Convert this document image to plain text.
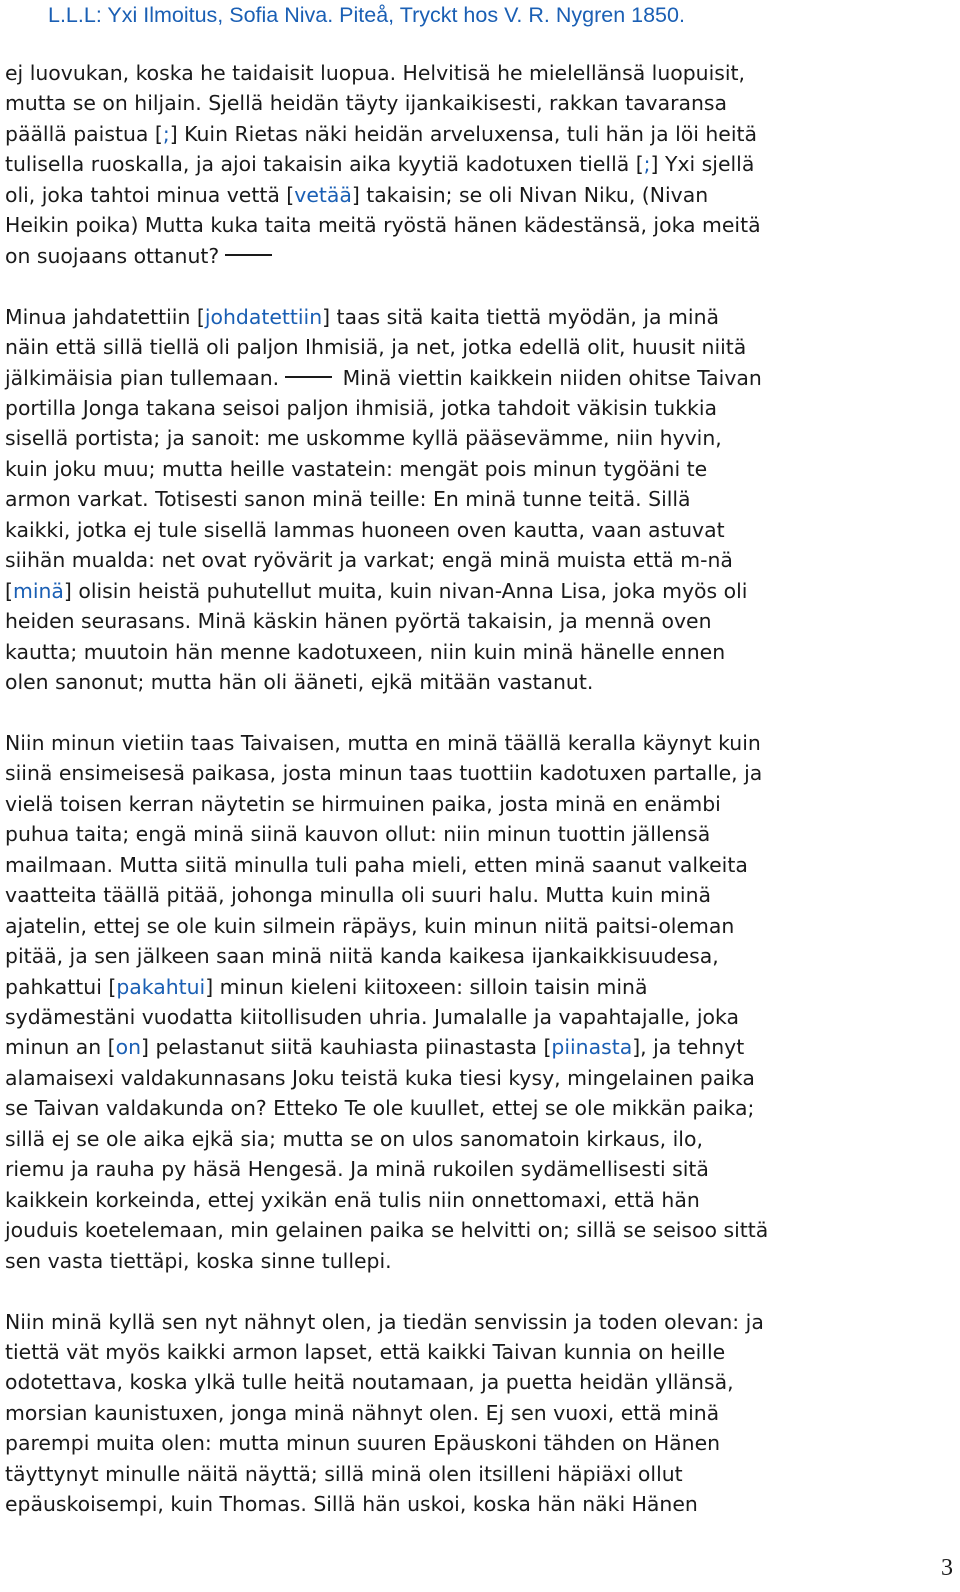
L.L.L: Yxi Ilmoitus, Sofia Niva. Piteå, Tryckt hos V. R. Nygren 1850.

ej luovukan, koska he taidaisit luopua. Helvitisä he mielellänsä luopuisit,
mutta se on hiljain. Sjellä heidän täyty ijankaikisesti, rakkan tavaransa
päällä paistua [;] Kuin Rietas näki heidän arveluxensa, tuli hän ja löi heitä
tulisella ruoskalla, ja ajoi takaisin aika kyytiä kadotuxen tiellä [;] Yxi sjellä
oli, joka tahtoi minua vettä [vetää] takaisin; se oli Nivan Niku, (Nivan
Heikin poika) Mutta kuka taita meitä ryöstä hänen kädestänsä, joka meitä
on suojaans ottanut?

Minua jahdatettiin [johdatettiin] taas sitä kaita tiettä myödän, ja minä
näin että sillä tiellä oli paljon Ihmisiä, ja net, jotka edellä olit, huusit niitä
jälkimäisia pian tullemaan.	Minä viettin kaikkein niiden ohitse Taivan
portilla Jonga takana seisoi paljon ihmisiä, jotka tahdoit väkisin tukkia
sisellä portista; ja sanoit: me uskomme kyllä pääsevämme, niin hyvin,
kuin joku muu; mutta heille vastatein: mengät pois minun tygöäni te
armon varkat. Totisesti sanon minä teille: En minä tunne teitä. Sillä
kaikki, jotka ej tule sisellä lammas huoneen oven kautta, vaan astuvat
siihän mualda: net ovat ryövärit ja varkat; engä minä muista että m-nä
[minä] olisin heistä puhutellut muita, kuin nivan-Anna Lisa, joka myös oli
heiden seurasans. Minä käskin hänen pyörtä takaisin, ja mennä oven
kautta; muutoin hän menne kadotuxeen, niin kuin minä hänelle ennen
olen sanonut; mutta hän oli ääneti, ejkä mitään vastanut.

Niin minun vietiin taas Taivaisen, mutta en minä täällä keralla käynyt kuin
siinä ensimeisesä paikasa, josta minun taas tuottiin kadotuxen partalle, ja
vielä toisen kerran näytetin se hirmuinen paika, josta minä en enämbi
puhua taita; engä minä siinä kauvon ollut: niin minun tuottin jällensä
mailmaan. Mutta siitä minulla tuli paha mieli, etten minä saanut valkeita
vaatteita täällä pitää, johonga minulla oli suuri halu. Mutta kuin minä
ajatelin, ettej se ole kuin silmein räpäys, kuin minun niitä paitsi-oleman
pitää, ja sen jälkeen saan minä niitä kanda kaikesa ijankaikkisuudesa,
pahkattui [pakahtui] minun kieleni kiitoxeen: silloin taisin minä
sydämestäni vuodatta kiitollisuden uhria. Jumalalle ja vapahtajalle, joka
minun an [on] pelastanut siitä kauhiasta piinastasta [piinasta], ja tehnyt
alamaisexi valdakunnasans Joku teistä kuka tiesi kysy, mingelainen paika
se Taivan valdakunda on? Etteko Te ole kuullet, ettej se ole mikkän paika;
sillä ej se ole aika ejkä sia; mutta se on ulos sanomatoin kirkaus, ilo,
riemu ja rauha py häsä Hengesä. Ja minä rukoilen sydämellisesti sitä
kaikkein korkeinda, ettej yxikän enä tulis niin onnettomaxi, että hän
jouduis koetelemaan, min gelainen paika se helvitti on; sillä se seisoo sittä
sen vasta tiettäpi, koska sinne tullepi.

Niin minä kyllä sen nyt nähnyt olen, ja tiedän senvissin ja toden olevan: ja
tiettä vät myös kaikki armon lapset, että kaikki Taivan kunnia on heille
odotettava, koska ylkä tulle heitä noutamaan, ja puetta heidän yllänsä,
morsian kaunistuxen, jonga minä nähnyt olen. Ej sen vuoxi, että minä
parempi muita olen: mutta minun suuren Epäuskoni tähden on Hänen
täyttynyt minulle näitä näyttä; sillä minä olen itsilleni häpiäxi ollut
epäuskoisempi, kuin Thomas. Sillä hän uskoi, koska hän näki Hänen

3
